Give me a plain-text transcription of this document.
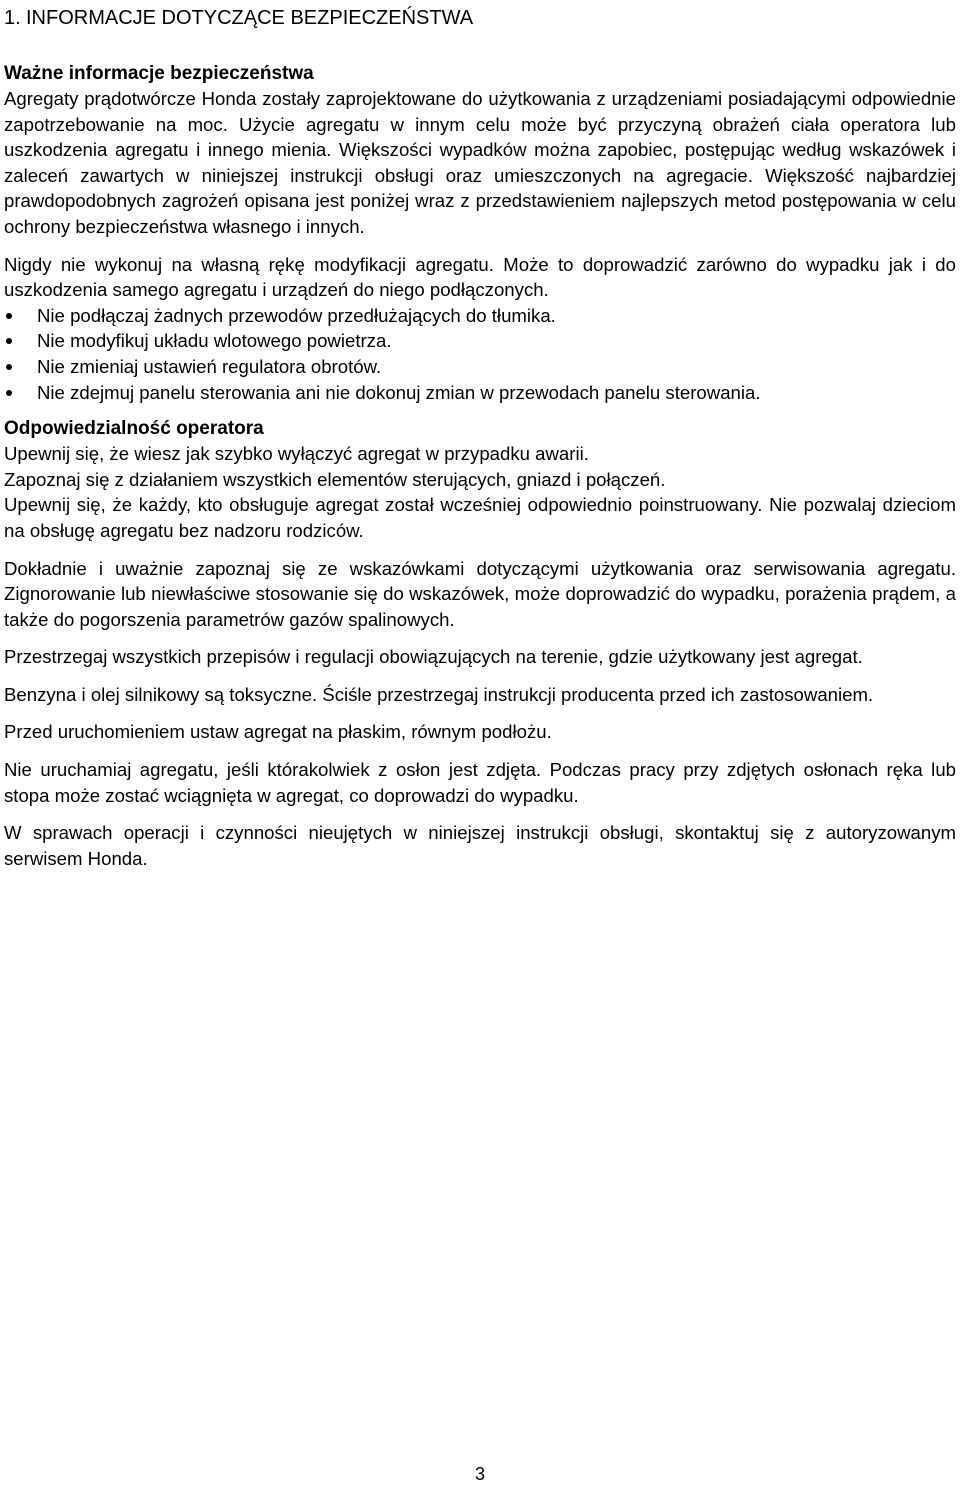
1. INFORMACJE DOTYCZĄCE BEZPIECZEŃSTWA
Ważne informacje bezpieczeństwa

Agregaty prądotwórcze Honda zostały zaprojektowane do użytkowania z urządzeniami posiadającymi odpowiednie zapotrzebowanie na moc. Użycie agregatu w innym celu może być przyczyną obrażeń ciała operatora lub uszkodzenia agregatu i innego mienia. Większości wypadków można zapobiec, postępując według wskazówek i zaleceń zawartych w niniejszej instrukcji obsługi oraz umieszczonych na agregacie. Większość najbardziej prawdopodobnych zagrożeń opisana jest poniżej wraz z przedstawieniem najlepszych metod postępowania w celu ochrony bezpieczeństwa własnego i innych.

Nigdy nie wykonuj na własną rękę modyfikacji agregatu. Może to doprowadzić zarówno do wypadku jak i do uszkodzenia samego agregatu i urządzeń do niego podłączonych.

Nie podłączaj żadnych przewodów przedłużających do tłumika.
Nie modyfikuj układu wlotowego powietrza.
Nie zmieniaj ustawień regulatora obrotów.
Nie zdejmuj panelu sterowania ani nie dokonuj zmian w przewodach panelu sterowania.
Odpowiedzialność operatora

Upewnij się, że wiesz jak szybko wyłączyć agregat w przypadku awarii.

Zapoznaj się z działaniem wszystkich elementów sterujących, gniazd i połączeń.

Upewnij się, że każdy, kto obsługuje agregat został wcześniej odpowiednio poinstruowany. Nie pozwalaj dzieciom na obsługę agregatu bez nadzoru rodziców.

Dokładnie i uważnie zapoznaj się ze wskazówkami dotyczącymi użytkowania oraz serwisowania agregatu. Zignorowanie lub niewłaściwe stosowanie się do wskazówek, może doprowadzić do wypadku, porażenia prądem, a także do pogorszenia parametrów gazów spalinowych.

Przestrzegaj wszystkich przepisów i regulacji obowiązujących na terenie, gdzie użytkowany jest agregat.

Benzyna i olej silnikowy są toksyczne. Ściśle przestrzegaj instrukcji producenta przed ich zastosowaniem.

Przed uruchomieniem ustaw agregat na płaskim, równym podłożu.

Nie uruchamiaj agregatu, jeśli którakolwiek z osłon jest zdjęta. Podczas pracy przy zdjętych osłonach ręka lub stopa może zostać wciągnięta w agregat, co doprowadzi do wypadku.

W sprawach operacji i czynności nieujętych w niniejszej instrukcji obsługi, skontaktuj się z autoryzowanym serwisem Honda.

3
